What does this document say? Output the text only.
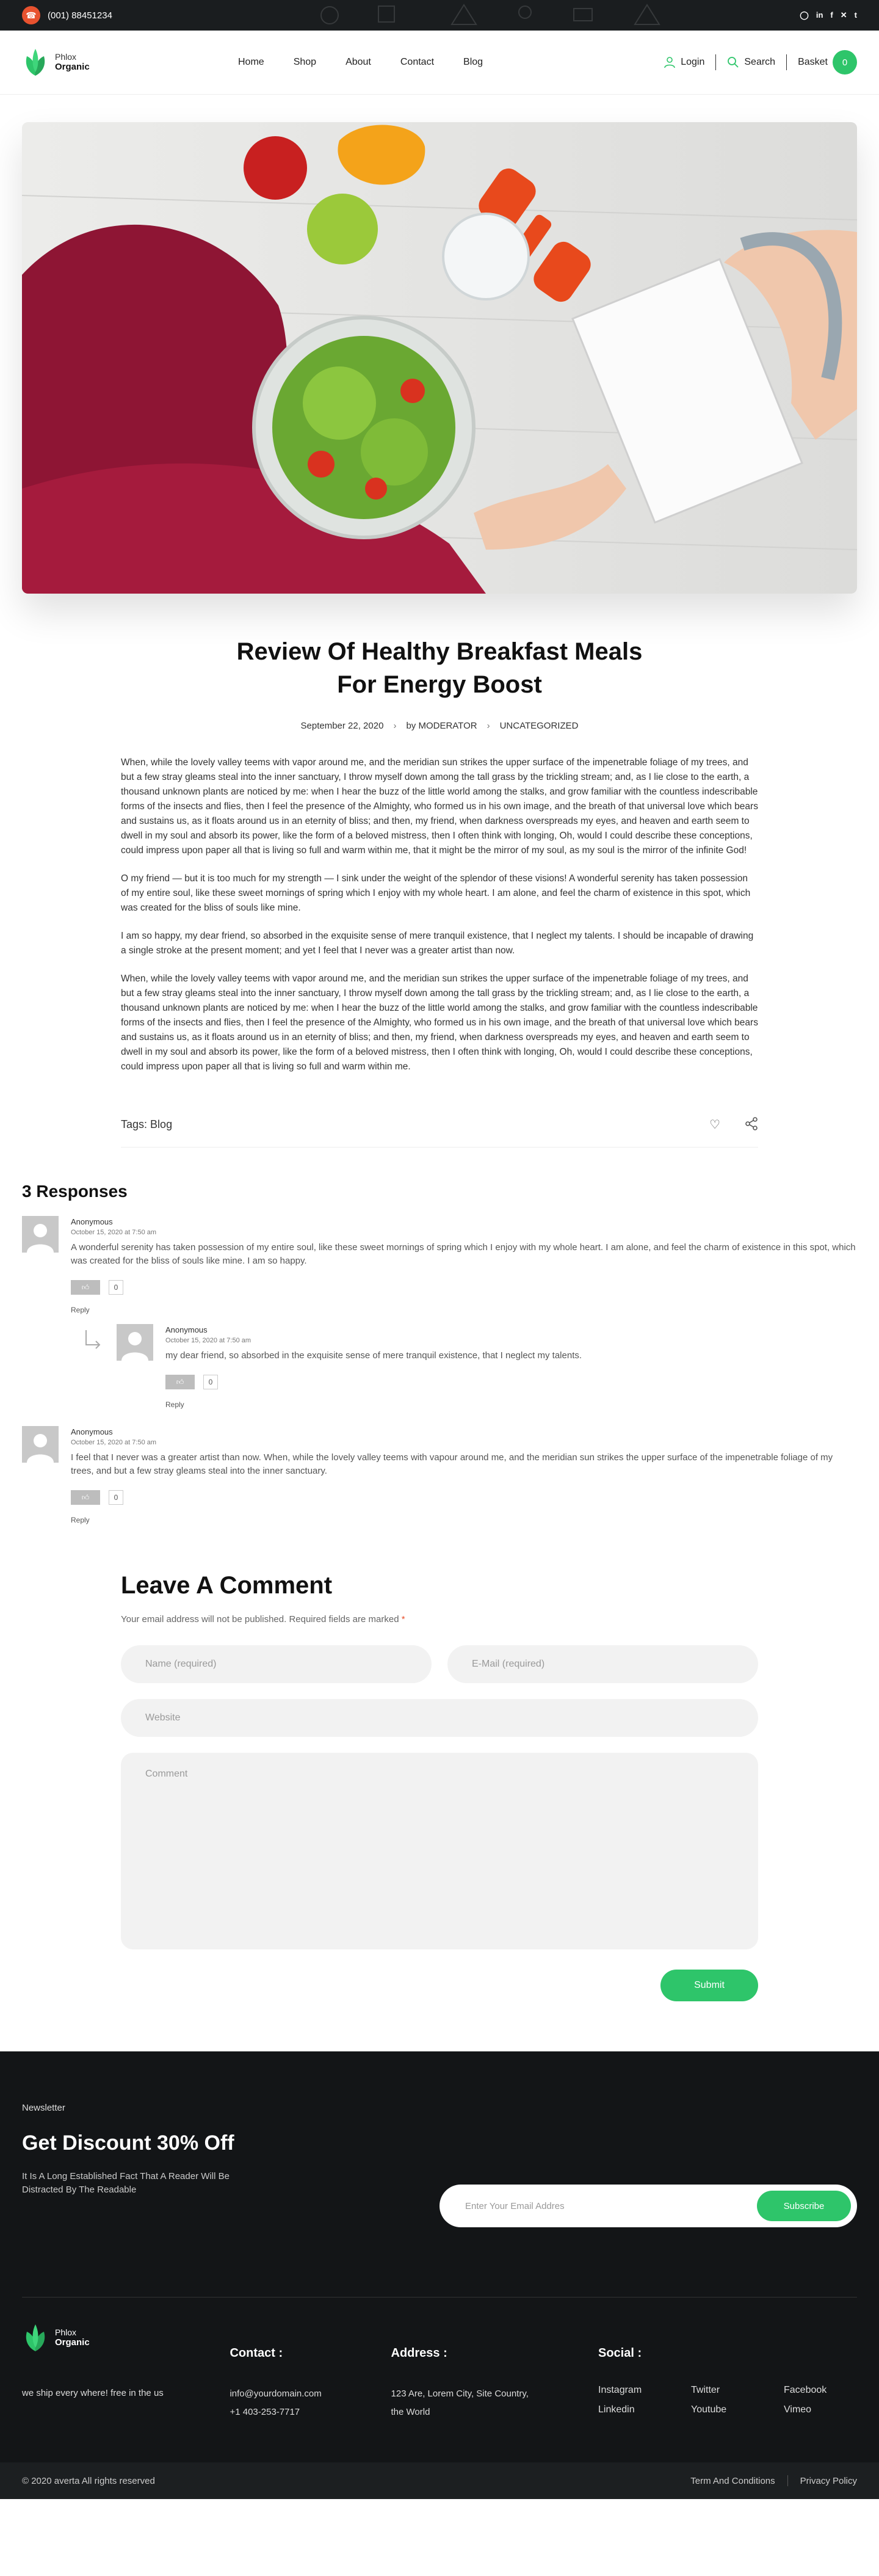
☎	(001) 88451234	◯ in f ✕ t
Phlox
Organic	Home	Shop	About	Contact	Blog	Login	Search Basket	0
Review Of Healthy Breakfast Meals
For Energy Boost
September 22, 2020 › by MODERATOR › UNCATEGORIZED

When, while the lovely valley teems with vapor around me, and the meridian sun strikes the upper surface of the impenetrable foliage of my trees, and but a few stray gleams steal into the inner sanctuary, I throw myself down among the tall grass by the trickling stream; and, as I lie close to the earth, a thousand unknown plants are noticed by me: when I hear the buzz of the little world among the stalks, and grow familiar with the countless indescribable forms of the insects and flies, then I feel the presence of the Almighty, who formed us in his own image, and the breath of that universal love which bears and sustains us, as it floats around us in an eternity of bliss; and then, my friend, when darkness overspreads my eyes, and heaven and earth seem to dwell in my soul and absorb its power, like the form of a beloved mistress, then I often think with longing, Oh, would I could describe these conceptions, could impress upon paper all that is living so full and warm within me, that it might be the mirror of my soul, as my soul is the mirror of the infinite God!

O my friend — but it is too much for my strength — I sink under the weight of the splendor of these visions! A wonderful serenity has taken possession of my entire soul, like these sweet mornings of spring which I enjoy with my whole heart. I am alone, and feel the charm of existence in this spot, which was created for the bliss of souls like mine.

I am so happy, my dear friend, so absorbed in the exquisite sense of mere tranquil existence, that I neglect my talents. I should be incapable of drawing a single stroke at the present moment; and yet I feel that I never was a greater artist than now.

When, while the lovely valley teems with vapor around me, and the meridian sun strikes the upper surface of the impenetrable foliage of my trees, and but a few stray gleams steal into the inner sanctuary, I throw myself down among the tall grass by the trickling stream; and, as I lie close to the earth, a thousand unknown plants are noticed by me: when I hear the buzz of the little world among the stalks, and grow familiar with the countless indescribable forms of the insects and flies, then I feel the presence of the Almighty, who formed us in his own image, and the breath of that universal love which bears and sustains us, as it floats around us in an eternity of bliss; and then, my friend, when darkness overspreads my eyes, and heaven and earth seem to dwell in my soul and absorb its power, like the form of a beloved mistress, then I often think with longing, Oh, would I could describe these conceptions, could impress upon paper all that is living so full and warm within me.

Tags: Blog	♡
3 Responses
Anonymous
October 15, 2020 at 7:50 am
A wonderful serenity has taken possession of my entire soul, like these sweet mornings of spring which I enjoy with my whole heart. I am alone, and feel the charm of existence in this spot, which was created for the bliss of souls like mine. I am so happy.
👍︎	0
Reply
Anonymous
October 15, 2020 at 7:50 am
my dear friend, so absorbed in the exquisite sense of mere tranquil existence, that I neglect my talents.
👍︎	0
Reply
Anonymous
October 15, 2020 at 7:50 am
I feel that I never was a greater artist than now. When, while the lovely valley teems with vapour around me, and the meridian sun strikes the upper surface of the impenetrable foliage of my trees, and but a few stray gleams steal into the inner sanctuary.
👍︎	0
Reply
Leave A Comment
Your email address will not be published. Required fields are marked *
Name (required)
E-Mail (required)
Website Comment
Submit
Newsletter
Get Discount 30% Off
It Is A Long Established Fact That A Reader Will Be Distracted By The Readable
Enter Your Email Addres
Subscribe
Phlox
Organic
we ship every where! free in the us
Contact :
info@yourdomain.com
+1 403-253-7717
Address :
123 Are, Lorem City, Site Country,
the World
Social :
Instagram	Twitter	Facebook
Linkedin	Youtube	Vimeo
© 2020 averta All rights reserved	Term And Conditions	Privacy Policy
